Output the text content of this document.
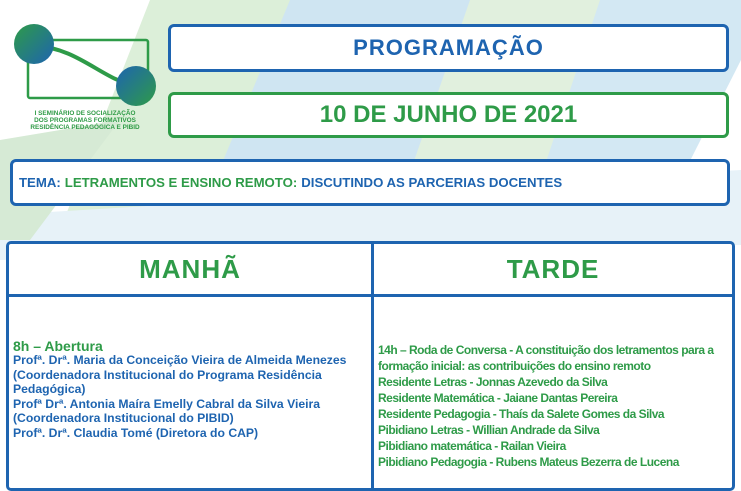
I SEMINÁRIO DE SOCIALIZAÇÃO
DOS PROGRAMAS FORMATIVOS
RESIDÊNCIA PEDAGÓGICA E PIBID
PROGRAMAÇÃO
10 DE JUNHO DE 2021
TEMA: LETRAMENTOS E ENSINO REMOTO: DISCUTINDO AS PARCERIAS DOCENTES
MANHÃ
8h – Abertura
Profª. Drª. Maria da Conceição Vieira de Almeida Menezes (Coordenadora Institucional do Programa Residência Pedagógica)
Profª Drª. Antonia Maíra Emelly Cabral da Silva Vieira (Coordenadora Institucional do PIBID)
Profª. Drª. Claudia Tomé (Diretora do CAP)
TARDE
14h – Roda de Conversa - A constituição dos letramentos para a
formação inicial: as contribuições do ensino remoto
Residente Letras - Jonnas Azevedo da Silva
Residente Matemática - Jaiane Dantas Pereira
Residente Pedagogia - Thaís da Salete Gomes da Silva
Pibidiano Letras - Willian Andrade da Silva
Pibidiano matemática - Railan Vieira
Pibidiano Pedagogia - Rubens Mateus Bezerra de Lucena
